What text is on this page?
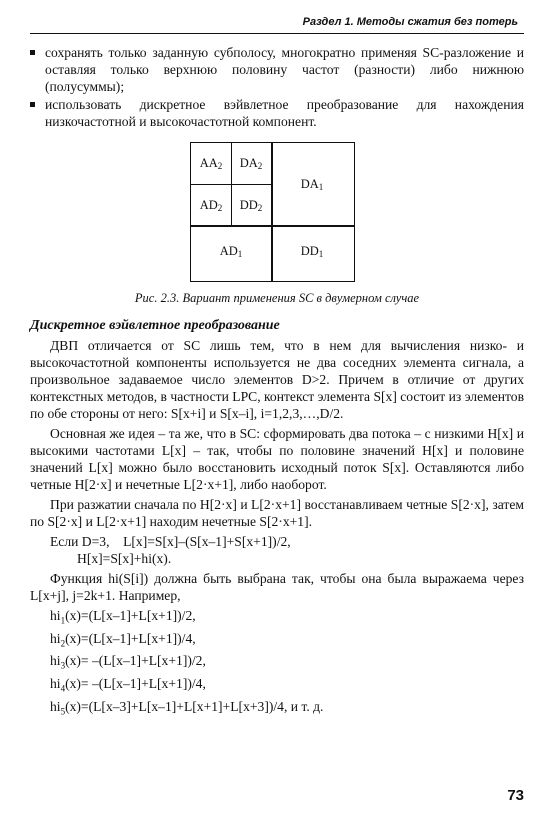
Раздел 1. Методы сжатия без потерь
сохранять только заданную субполосу, многократно применяя SC-разложение и оставляя только верхнюю половину частот (разности) либо нижнюю (полусуммы);
использовать дискретное вэйвлетное преобразование для нахождения низкочастотной и высокочастотной компонент.
$AA_2$	$DA_2$
$AD_2$	$DD_2$
$DA_1$
$AD_1$	$DD_1$
Рис. 2.3. Вариант применения SC в двумерном случае

Дискретное вэйвлетное преобразование

ДВП отличается от SC лишь тем, что в нем для вычисления низко- и высокочастотной компоненты используется не два соседних элемента сигнала, а произвольное задаваемое число элементов D>2. Причем в отличие от других контекстных методов, в частности LPC, контекст элемента S[x] состоит из элементов по обе стороны от него: S[x+i] и S[x–i], i=1,2,3,…,D/2.

Основная же идея – та же, что в SC: сформировать два потока – с низкими H[x] и высокими частотами L[x] – так, чтобы по половине значений H[x] и половине значений L[x] можно было восстановить исходный поток S[x]. Оставляются либо четные H[2·x] и нечетные L[2·x+1], либо наоборот.

При разжатии сначала по H[2·x] и L[2·x+1] восстанавливаем четные S[2·x], затем по S[2·x] и L[2·x+1] находим нечетные S[2·x+1].

Если D=3,    L[x]=S[x]–(S[x–1]+S[x+1])/2,

H[x]=S[x]+hi(x).

Функция hi(S[i]) должна быть выбрана так, чтобы она была выражаема через L[x+j], j=2k+1. Например,

$hi_1(x)=(L[x-1]+L[x+1])/2$,

$hi_2(x)=(L[x-1]+L[x+1])/4$,

$hi_3(x)= -(L[x-1]+L[x+1])/2$,

$hi_4(x)= -(L[x-1]+L[x+1])/4$,

$hi_5(x)=(L[x-3]+L[x-1]+L[x+1]+L[x+3])/4$, и т. д.

73
